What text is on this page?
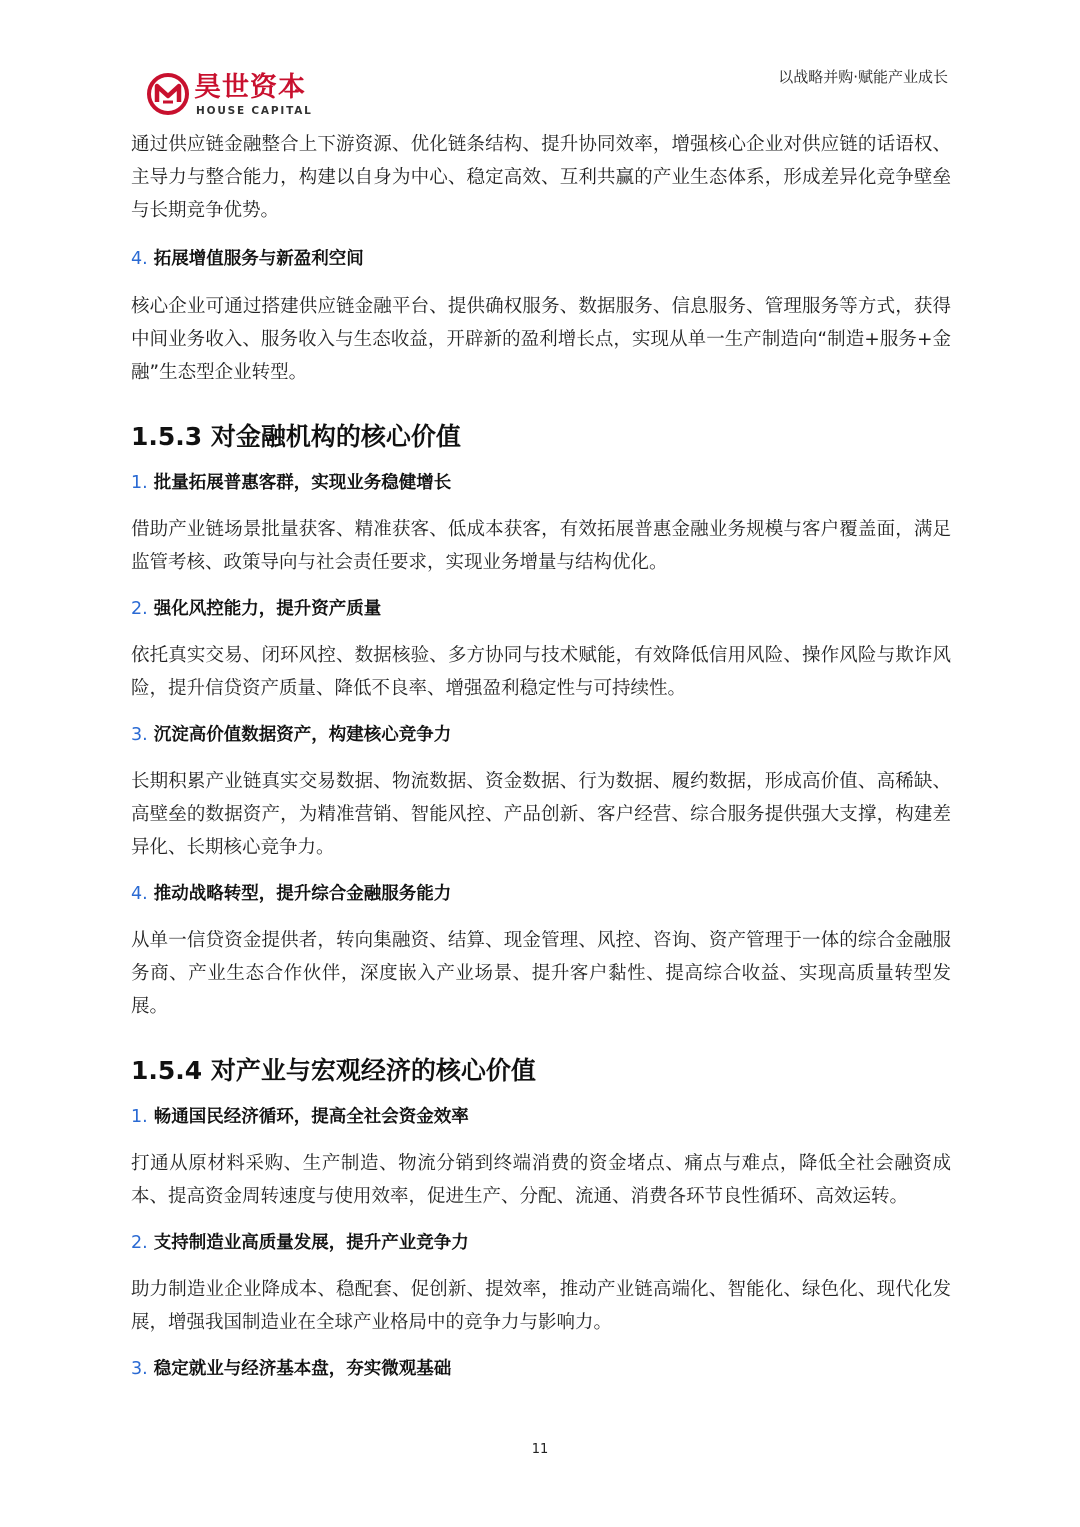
昊世资本
HOUSE CAPITAL
以战略并购·赋能产业成长

通过供应链金融整合上下游资源、优化链条结构、提升协同效率，增强核心企业对供应链的话语权、主导力与整合能力，构建以自身为中心、稳定高效、互利共赢的产业生态体系，形成差异化竞争壁垒与长期竞争优势。

4. 拓展增值服务与新盈利空间

核心企业可通过搭建供应链金融平台、提供确权服务、数据服务、信息服务、管理服务等方式，获得中间业务收入、服务收入与生态收益，开辟新的盈利增长点，实现从单一生产制造向“制造+服务+金融”生态型企业转型。

1.5.3 对金融机构的核心价值
1. 批量拓展普惠客群，实现业务稳健增长

借助产业链场景批量获客、精准获客、低成本获客，有效拓展普惠金融业务规模与客户覆盖面，满足监管考核、政策导向与社会责任要求，实现业务增量与结构优化。

2. 强化风控能力，提升资产质量

依托真实交易、闭环风控、数据核验、多方协同与技术赋能，有效降低信用风险、操作风险与欺诈风险，提升信贷资产质量、降低不良率、增强盈利稳定性与可持续性。

3. 沉淀高价值数据资产，构建核心竞争力

长期积累产业链真实交易数据、物流数据、资金数据、行为数据、履约数据，形成高价值、高稀缺、高壁垒的数据资产，为精准营销、智能风控、产品创新、客户经营、综合服务提供强大支撑，构建差异化、长期核心竞争力。

4. 推动战略转型，提升综合金融服务能力

从单一信贷资金提供者，转向集融资、结算、现金管理、风控、咨询、资产管理于一体的综合金融服务商、产业生态合作伙伴，深度嵌入产业场景、提升客户黏性、提高综合收益、实现高质量转型发展。

1.5.4 对产业与宏观经济的核心价值
1. 畅通国民经济循环，提高全社会资金效率

打通从原材料采购、生产制造、物流分销到终端消费的资金堵点、痛点与难点，降低全社会融资成本、提高资金周转速度与使用效率，促进生产、分配、流通、消费各环节良性循环、高效运转。

2. 支持制造业高质量发展，提升产业竞争力

助力制造业企业降成本、稳配套、促创新、提效率，推动产业链高端化、智能化、绿色化、现代化发展，增强我国制造业在全球产业格局中的竞争力与影响力。

3. 稳定就业与经济基本盘，夯实微观基础
11
